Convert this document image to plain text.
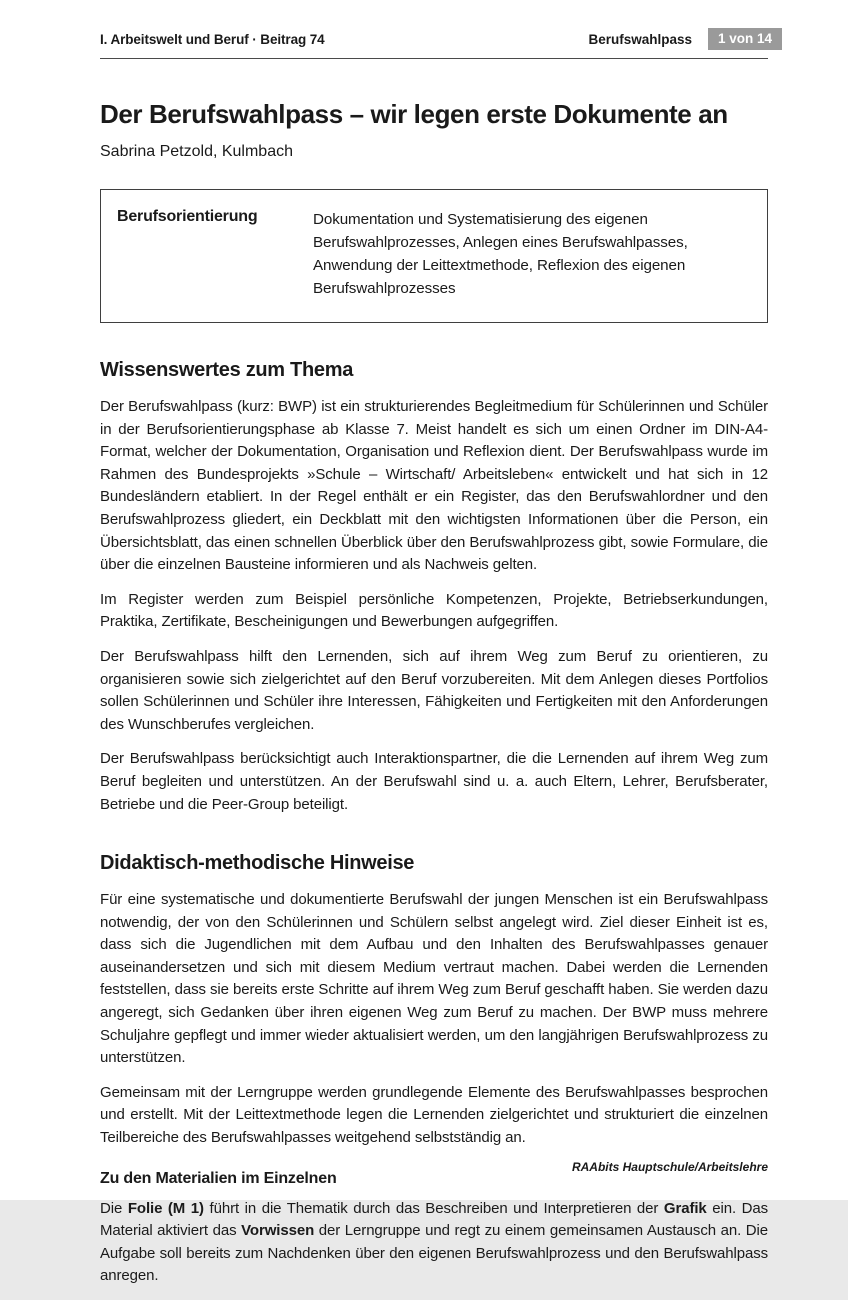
I. Arbeitswelt und Beruf · Beitrag 74	Berufswahlpass	1 von 14
Der Berufswahlpass – wir legen erste Dokumente an

Sabrina Petzold, Kulmbach

Berufsorientierung	Dokumentation und Systematisierung des eigenen Berufswahlprozesses, Anlegen eines Berufswahlpasses, Anwendung der Leittextmethode, Reflexion des eigenen Berufswahlprozesses
Wissenswertes zum Thema

Der Berufswahlpass (kurz: BWP) ist ein strukturierendes Begleitmedium für Schülerinnen und Schüler in der Berufsorientierungsphase ab Klasse 7. Meist handelt es sich um einen Ordner im DIN-A4-Format, welcher der Dokumentation, Organisation und Reflexion dient. Der Berufswahlpass wurde im Rahmen des Bundesprojekts »Schule – Wirtschaft/ Arbeitsleben« entwickelt und hat sich in 12 Bundesländern etabliert. In der Regel enthält er ein Register, das den Berufswahlordner und den Berufswahlprozess gliedert, ein Deckblatt mit den wichtigsten Informationen über die Person, ein Übersichtsblatt, das einen schnellen Überblick über den Berufswahlprozess gibt, sowie Formulare, die über die einzelnen Bausteine informieren und als Nachweis gelten.

Im Register werden zum Beispiel persönliche Kompetenzen, Projekte, Betriebserkundungen, Praktika, Zertifikate, Bescheinigungen und Bewerbungen aufgegriffen.

Der Berufswahlpass hilft den Lernenden, sich auf ihrem Weg zum Beruf zu orientieren, zu organisieren sowie sich zielgerichtet auf den Beruf vorzubereiten. Mit dem Anlegen dieses Portfolios sollen Schülerinnen und Schüler ihre Interessen, Fähigkeiten und Fertigkeiten mit den Anforderungen des Wunschberufes vergleichen.

Der Berufswahlpass berücksichtigt auch Interaktionspartner, die die Lernenden auf ihrem Weg zum Beruf begleiten und unterstützen. An der Berufswahl sind u. a. auch Eltern, Lehrer, Berufsberater, Betriebe und die Peer-Group beteiligt.

Didaktisch-methodische Hinweise

Für eine systematische und dokumentierte Berufswahl der jungen Menschen ist ein Berufswahlpass notwendig, der von den Schülerinnen und Schülern selbst angelegt wird. Ziel dieser Einheit ist es, dass sich die Jugendlichen mit dem Aufbau und den Inhalten des Berufswahlpasses genauer auseinandersetzen und sich mit diesem Medium vertraut machen. Dabei werden die Lernenden feststellen, dass sie bereits erste Schritte auf ihrem Weg zum Beruf geschafft haben. Sie werden dazu angeregt, sich Gedanken über ihren eigenen Weg zum Beruf zu machen. Der BWP muss mehrere Schuljahre gepflegt und immer wieder aktualisiert werden, um den langjährigen Berufswahlprozess zu unterstützen.

Gemeinsam mit der Lerngruppe werden grundlegende Elemente des Berufswahlpasses besprochen und erstellt. Mit der Leittextmethode legen die Lernenden zielgerichtet und strukturiert die einzelnen Teilbereiche des Berufswahlpasses weitgehend selbstständig an.

Zu den Materialien im Einzelnen

Die Folie (M 1) führt in die Thematik durch das Beschreiben und Interpretieren der Grafik ein. Das Material aktiviert das Vorwissen der Lerngruppe und regt zu einem gemeinsamen Austausch an. Die Aufgabe soll bereits zum Nachdenken über den eigenen Berufswahlprozess und den Berufswahlpass anregen.

RAAbits Hauptschule/Arbeitslehre
